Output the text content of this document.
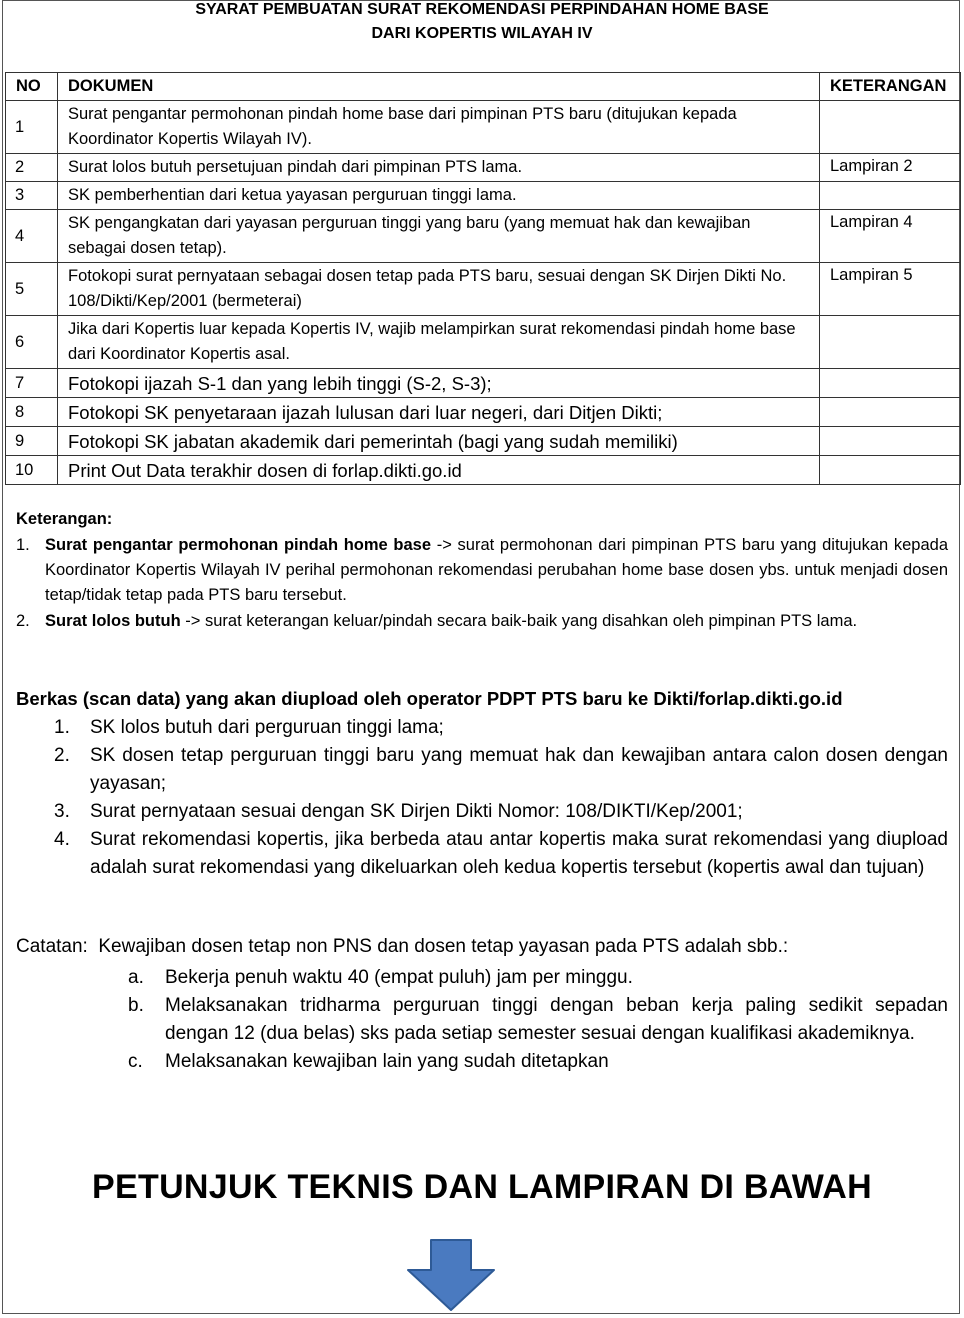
SYARAT PEMBUATAN SURAT REKOMENDASI PERPINDAHAN HOME BASE
DARI KOPERTIS WILAYAH IV
NO	DOKUMEN	KETERANGAN
1	Surat pengantar permohonan pindah home base dari pimpinan PTS baru (ditujukan kepada Koordinator Kopertis Wilayah IV).	
2	Surat lolos butuh persetujuan pindah dari pimpinan PTS lama.	Lampiran 2
3	SK pemberhentian dari ketua yayasan perguruan tinggi lama.	
4	SK pengangkatan dari yayasan perguruan tinggi yang baru (yang memuat hak dan kewajiban sebagai dosen tetap).	Lampiran 4
5	Fotokopi surat pernyataan sebagai dosen tetap pada PTS baru, sesuai dengan SK Dirjen Dikti No. 108/Dikti/Kep/2001 (bermeterai)	Lampiran 5
6	Jika dari Kopertis luar kepada Kopertis IV, wajib melampirkan surat rekomendasi pindah home base dari Koordinator Kopertis asal.	
7	Fotokopi ijazah S-1 dan yang lebih tinggi (S-2, S-3);	
8	Fotokopi SK penyetaraan ijazah lulusan dari luar negeri, dari Ditjen Dikti;	
9	Fotokopi SK jabatan akademik dari pemerintah (bagi yang sudah memiliki)	
10	Print Out Data terakhir dosen di forlap.dikti.go.id	
Keterangan:
1. Surat pengantar permohonan pindah home base -> surat permohonan dari pimpinan PTS baru yang ditujukan kepada Koordinator Kopertis Wilayah IV perihal permohonan rekomendasi perubahan home base dosen ybs. untuk menjadi dosen tetap/tidak tetap pada PTS baru tersebut.
2. Surat lolos butuh -> surat keterangan keluar/pindah secara baik-baik yang disahkan oleh pimpinan PTS lama.
Berkas (scan data) yang akan diupload oleh operator PDPT PTS baru ke Dikti/forlap.dikti.go.id
1. SK lolos butuh dari perguruan tinggi lama;
2. SK dosen tetap perguruan tinggi baru yang memuat hak dan kewajiban antara calon dosen dengan yayasan;
3. Surat pernyataan sesuai dengan SK Dirjen Dikti Nomor: 108/DIKTI/Kep/2001;
4. Surat rekomendasi kopertis, jika berbeda atau antar kopertis maka surat rekomendasi yang diupload adalah surat rekomendasi yang dikeluarkan oleh kedua kopertis tersebut (kopertis awal dan tujuan)
Catatan:  Kewajiban dosen tetap non PNS dan dosen tetap yayasan pada PTS adalah sbb.:
a. Bekerja penuh waktu 40 (empat puluh) jam per minggu.
b. Melaksanakan tridharma perguruan tinggi dengan beban kerja paling sedikit sepadan dengan 12 (dua belas) sks pada setiap semester sesuai dengan kualifikasi akademiknya.
c. Melaksanakan kewajiban lain yang sudah ditetapkan
PETUNJUK TEKNIS DAN LAMPIRAN DI BAWAH
